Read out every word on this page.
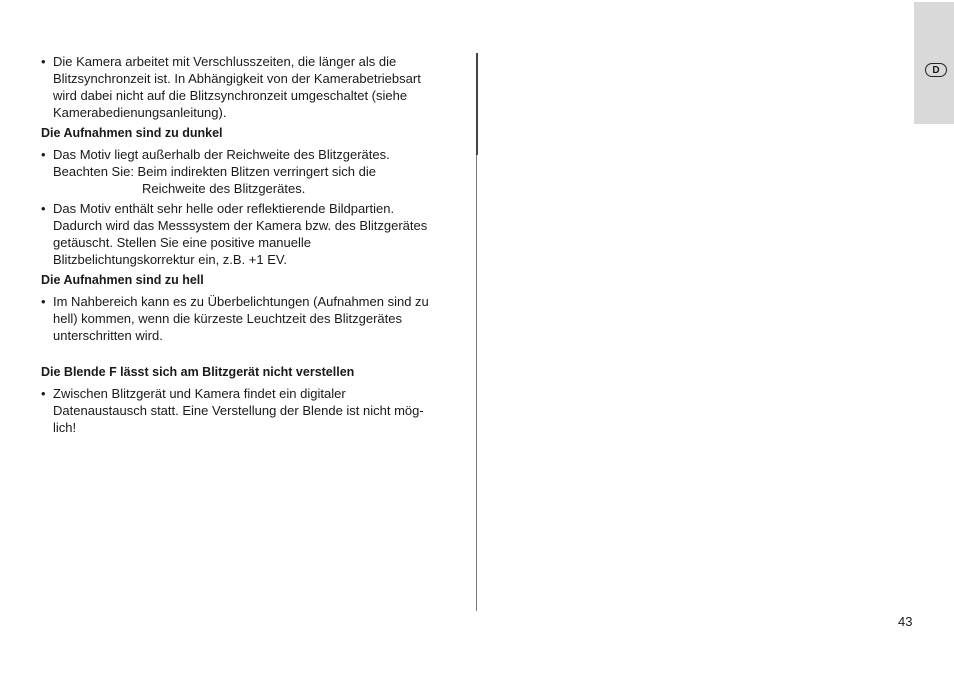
• Die Kamera arbeitet mit Verschlusszeiten, die länger als die
Blitzsynchronzeit ist. In Abhängigkeit von der Kamerabetriebsart
wird dabei nicht auf die Blitzsynchronzeit umgeschaltet (siehe
Kamerabedienungsanleitung).
Die Aufnahmen sind zu dunkel
• Das Motiv liegt außerhalb der Reichweite des Blitzgerätes.
Beachten Sie: Beim indirekten Blitzen verringert sich die
Reichweite des Blitzgerätes.
• Das Motiv enthält sehr helle oder reflektierende Bildpartien.
Dadurch wird das Messsystem der Kamera bzw. des Blitzgerätes
getäuscht. Stellen Sie eine positive manuelle
Blitzbelichtungskorrektur ein, z.B. +1 EV.
Die Aufnahmen sind zu hell
• Im Nahbereich kann es zu Überbelichtungen (Aufnahmen sind zu
hell) kommen, wenn die kürzeste Leuchtzeit des Blitzgerätes
unterschritten wird.
Die Blende F lässt sich am Blitzgerät nicht verstellen
• Zwischen Blitzgerät und Kamera findet ein digitaler
Datenaustausch statt. Eine Verstellung der Blende ist nicht mög-
lich!
D
43
